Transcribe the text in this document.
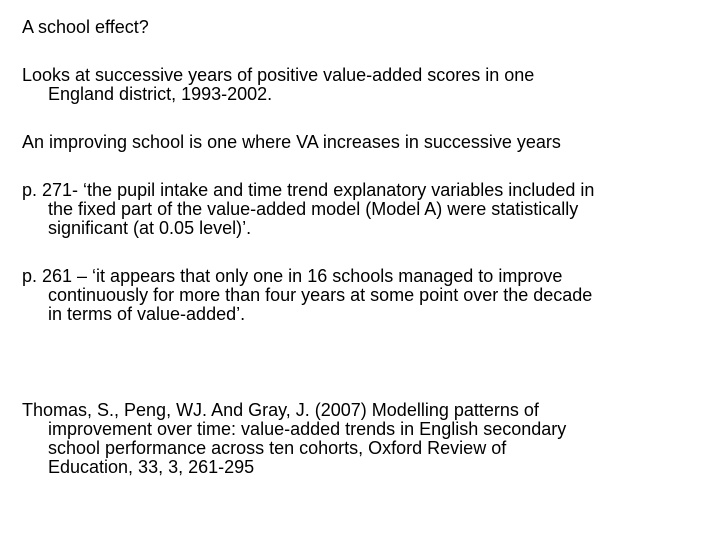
A school effect?

Looks at successive years of positive value-added scores in one
England district, 1993-2002.

An improving school is one where VA increases in successive years

p. 271- ‘the pupil intake and time trend explanatory variables included in
the fixed part of the value-added model (Model A) were statistically
significant (at 0.05 level)’.

p. 261 – ‘it appears that only one in 16 schools managed to improve
continuously for more than four years at some point over the decade
in terms of value-added’.

Thomas, S., Peng, WJ. And Gray, J. (2007) Modelling patterns of
improvement over time: value-added trends in English secondary
school performance across ten cohorts, Oxford Review of
Education, 33, 3, 261-295
